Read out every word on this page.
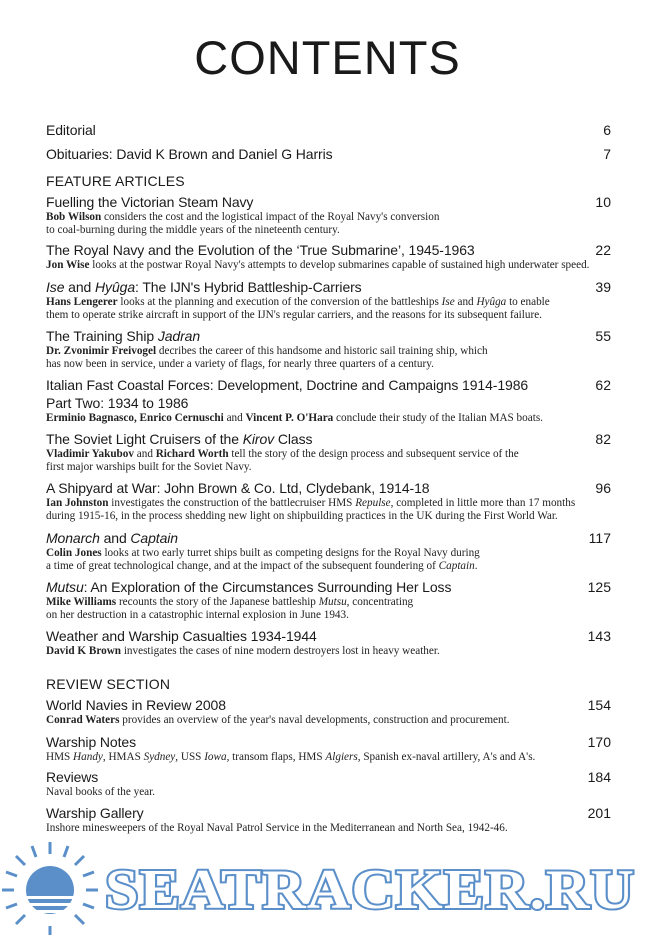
CONTENTS
Editorial	6
Obituaries: David K Brown and Daniel G Harris	7
FEATURE ARTICLES
Fuelling the Victorian Steam Navy	10
Bob Wilson considers the cost and the logistical impact of the Royal Navy's conversion
to coal-burning during the middle years of the nineteenth century.
The Royal Navy and the Evolution of the ‘True Submarine’, 1945-1963	22
Jon Wise looks at the postwar Royal Navy's attempts to develop submarines capable of sustained high underwater speed.
Ise and Hyûga: The IJN's Hybrid Battleship-Carriers	39
Hans Lengerer looks at the planning and execution of the conversion of the battleships Ise and Hyûga to enable
them to operate strike aircraft in support of the IJN's regular carriers, and the reasons for its subsequent failure.
The Training Ship Jadran	55
Dr. Zvonimir Freivogel decribes the career of this handsome and historic sail training ship, which
has now been in service, under a variety of flags, for nearly three quarters of a century.
Italian Fast Coastal Forces: Development, Doctrine and Campaigns 1914-1986	62
Part Two: 1934 to 1986
Erminio Bagnasco, Enrico Cernuschi and Vincent P. O'Hara conclude their study of the Italian MAS boats.
The Soviet Light Cruisers of the Kirov Class	82
Vladimir Yakubov and Richard Worth tell the story of the design process and subsequent service of the
first major warships built for the Soviet Navy.
A Shipyard at War: John Brown & Co. Ltd, Clydebank, 1914-18	96
Ian Johnston investigates the construction of the battlecruiser HMS Repulse, completed in little more than 17 months
during 1915-16, in the process shedding new light on shipbuilding practices in the UK during the First World War.
Monarch and Captain	117
Colin Jones looks at two early turret ships built as competing designs for the Royal Navy during
a time of great technological change, and at the impact of the subsequent foundering of Captain.
Mutsu: An Exploration of the Circumstances Surrounding Her Loss	125
Mike Williams recounts the story of the Japanese battleship Mutsu, concentrating
on her destruction in a catastrophic internal explosion in June 1943.
Weather and Warship Casualties 1934-1944	143
David K Brown investigates the cases of nine modern destroyers lost in heavy weather.
REVIEW SECTION
World Navies in Review 2008	154
Conrad Waters provides an overview of the year's naval developments, construction and procurement.
Warship Notes	170
HMS Handy, HMAS Sydney, USS Iowa, transom flaps, HMS Algiers, Spanish ex-naval artillery, A's and A's.
Reviews	184
Naval books of the year.
Warship Gallery	201
Inshore minesweepers of the Royal Naval Patrol Service in the Mediterranean and North Sea, 1942-46.
SEATRACKER.RU
